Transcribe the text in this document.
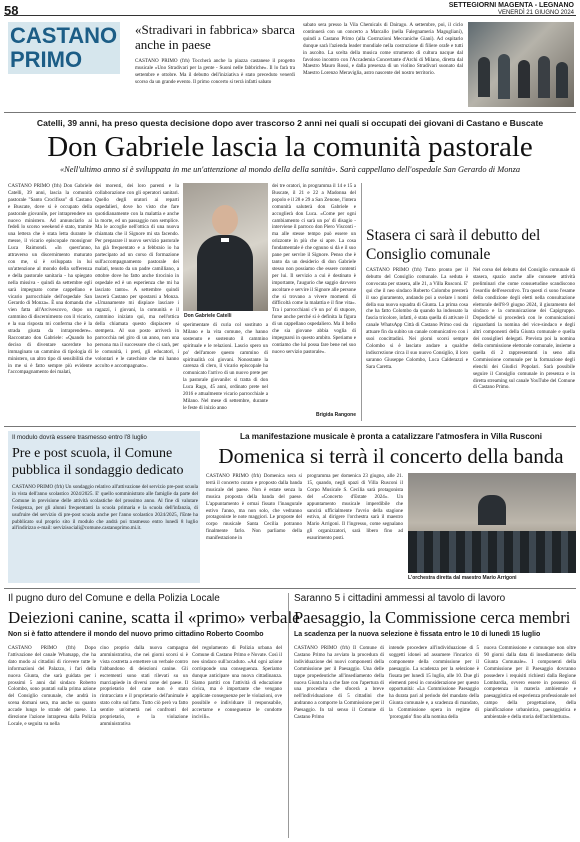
58	SETTEGIORNI MAGENTA - LEGNANO
VENERDÌ 21 GIUGNO 2024
CASTANO PRIMO
«Stradivari in fabbrica» sbarca anche in paese
CASTANO PRIMO (frh) Toccherà anche la piazza castanese il progetto musicale «Uno Stradivari per la gente - Suoni nelle fabbriche». Il lo farà tra settembre e ottobre. Ma il debutto dell'iniziativa è stato preceduto venerdì scorso da un grande evento. Il primo concerto si terrà infatti sabato
sabato sera presso la Vila Chemicals di Dairago. A settembre, poi, il ciclo continuerà con un concerto a Marcallo (nella Falegnameria Magugliani), quindi a Castano Primo (alla Costruzioni Meccaniche Giani). Ad ospitarlo dunque sarà l'azienda leader mondiale nella costruzione di filiere orafe e tutti in ascolto. La scelta della musica come strumento di cultura nacque dal favoloso incontro con l'Accademia Concertante d'Archi di Milano, diretta dal Maestro Mauro Rossi, e dalla presenza di un violino Stradivari suonato dal Maestro Lorenzo Meraviglia, astro nascente del nostro territorio.
Catelli, 39 anni, ha preso questa decisione dopo aver trascorso 2 anni nei quali si occupati dei giovani di Castano e Buscate
Don Gabriele lascia la comunità pastorale
«Nell'ultimo anno si è sviluppata in me un'attenzione al mondo della della sanità». Sarà cappellano dell'ospedale San Gerardo di Monza
CASTANO PRIMO (frh) Don Gabriele Catelli, 39 anni, lascia la comunità pastorale "Santo Crocifisso" di Castano e Buscate, dove si è occupato della pastorale giovanile, per intraprendere un nuovo ministero. Ad annunciarlo ai fedeli lo scorso weekend è stato, tramite una lettera che è stata letta durante le messe, il vicario episcopale monsignor Luca Raimondi. «In quest'anno, attraverso un discernimento maturato con me, si è sviluppata in lui un'attenzione al mondo della sofferenza e della pastorale sanitaria - ha spiegato nella missiva - quindi da settembre egli sarà impegnato come cappellano e vicario parrocchiale dell'ospedale San Gerardo di Monza». È una domanda che vien fatta all'Arcivescovo, dopo un cammino di discernimento con il vicario, e la sua risposta mi conferma che è la strada giusta da intraprendere». Raccontato don Gabriele: «Quando ho deciso di diventare sacerdote ho immaginato un cammino di tipologia di ministero, un altro tipo di sensibilità che in me si è fatto sempre più evidente l'accompagnamento dei malati,
dei morenti, dei loro parenti e la collaborazione con gli operatori sanitari. Quello degli oratori ai reparti ospedalieri, dove ho visto che fare quotidianamente con la malattia e anche la morte, ed un passaggio non semplice. Ma le accoglie nell'ottica di una nuova chiamata che il Signore mi sta facendo. Per preparare il nuovo servizio pastorale ha già frequentato e a febbraio io ha partecipato ad un corso di formazione sull'accompagnamento pastorale dei malati, tenuto da un padre camilliano, a ottobre dove ho fatto anche tirocinio in ospedale ed è un esperienza che mi ha lasciato tanto». A settembre quindi lascerà Castano per spostarsi a Monza. «Umanamente mi dispiace lasciare i ragazzi, i giovani, la comunità e il cammino iniziato qui, ma nell'ottica della chiamata questo dispiacere si stempera. Al suo posto arriverà in parrocchia nel giro di un anno, non una persona ma il successore che ci sarà, per le comunità, i preti, gli educatori, i volontari e le catechiste che mi hanno accolto e accompagnato».
Don Gabriele Catelli
sperimentare di curia col sostituto a Milano e la vita comune, che hanno sostenuto e sostenuto il cammino spirituale e le relazioni. Lascio spero un po' dell'amore questo cammino di spiritualità coi giovani. Nonostante la carenza di clero, il vicario episcopale ha comunicato l'arrivo di un nuovo prete per la pastorale giovanile: si tratta di don Luca Ragu, 45 anni, ordinato prete nel 2016 e attualmente vicario parrocchiale a Milano. Nel mese di settembre, durante le feste di inizio anno
dei tre oratori, in programma il 14 e 15 a Buscate, il 21 e 22 a Madonna del popolo e il 28 e 29 a San Zenone, l'intera comunità saluterà don Gabriele e accoglierà don Luca. «Come per ogni cambiamento ci sarà un po' di disagio - interviene il parroco don Piero Visconti - ma alle stesse tempo può essere un orizzonte in più che si apre. La cosa fondamentale è che ognuno si dà e il suo pane per servire il Signore. Penso che è tanto da un desiderio di don Gabriele stesso non possiamo che essere contenti per lui. Il servizio a cui è destinato è importante, l'augurio che saggio davvero ascoltare e servire il Signore alle persone che si trovano a vivere momenti di difficoltà come la malattia e il fine vita». Tra i parrocchiani c'è un po' di stupore, forse anche perché si è definita la figura di un cappellano ospedaliero. Ma il bello che sia giovane abbia voglia di impegnarsi in questo ambito. Speriamo e contiamo che lui possa fare bene nel suo nuovo servizio pastorale».
Brigida Rangone
Stasera ci sarà il debutto del Consiglio comunale
CASTANO PRIMO (frh) Tutto pronto per il debutto del Consiglio comunale. La seduta è convocata per stasera, alle 21, a Villa Rusconi. E' qui che il neo sindaco Roberto Colombo presterà il suo giuramento, andando poi a svelare i nomi della sua nuova squadra di Giunta. La prima cosa che ha fatto Colombo da quando ha indossato la fascia tricolore, infatti, è stata quella di attivare il canale WhatsApp Città di Castano Primo così da attuare fin da subito un canale comunicativo con i suoi concittadini. Nei giorni scorsi sempre Colombo si è lasciato andare a qualche indiscrezione circa il suo nuovo Consiglio, il loro saranno Giuseppe Colombo, Luca Calderazzi e Sara Caretta.
Nel corso del debutto del Consiglio comunale di stasera, spazio anche alle consuete attività preliminari che come consuetudine scandiscono l'esordio dell'esecutivo. Tra questi ci sono l'esame della condizione degli eletti nella consultazione elettorale dell'8-9 giugno 2024, il giuramento del sindaco e la comunicazione dei Capigruppo. Dopodiché si procederà con le comunicazioni riguardanti la nomina del vice-sindaco e degli altri componenti della Giunta comunale e quella dei consiglieri delegati. Prevista poi la nomina della commissione elettorale comunale, insieme a quella di 2 rappresentanti in seno alla Commissione comunale per la formazione degli elenchi dei Giudici Popolari. Sarà possibile seguire il Consiglio comunale in presenza e in diretta streaming sul canale YouTube del Comune di Castano Primo.
Il modulo dovrà essere trasmesso entro l'8 luglio
Pre e post scuola, il Comune pubblica il sondaggio dedicato
CASTANO PRIMO (frh) Un sondaggio relativo all'attivazione del servizio pre-post scuola in vista dell'anno scolastico 2024/2025. E' quello somministrato alle famiglie da parte del Comune in previsione delle attività scolastiche del prossimo anno. Al fine di valutare l'esigenza, per gli alunni frequentanti la scuola primaria e la scuola dell'infanzia, di usufruire del servizio di pre-post scuola anche per l'anno scolastico 2024/2025, l'Ente ha pubblicato sul proprio sito il modulo che andrà poi trasmesso entro lunedì 8 luglio all'indirizzo e-mail: servizisociali@comune.castanoprimo.mi.it.
La manifestazione musicale è pronta a catalizzare l'atmosfera in Villa Rusconi
Domenica si terrà il concerto della banda
CASTANO PRIMO (frh) Domenica sera si terrà il concerto curato e proposto dalla banda musicale del paese. Non è estate senza la musica proposta della banda del paese. L'appuntamento è ormai fissato l'inaugurale estivo l'anno, ma non solo, che vedranno protagoniste le note maggiori. Le proposte del corpo musicale Santa Cecilia potranno finalmente farlo. Non parliamo della manifestazione in
programma per domenica 23 giugno, alle 21. 15, quando, negli spazi di Villa Rusconi il Corpo Musicale S. Cecilia sarà protagonista del «Concerto d'Estate 2024». Un appuntamento musicale imperdibile che sancirà ufficialmente l'avvio della stagione estiva, al dirigere l'orchestra sarà il maestro Mario Arrigoni. Il l'ingresso, come segnalano gli organizzatori, sarà libero fino ad esaurimento posti.
L'orchestra diretta dal maestro Mario Arrigoni
Il pugno duro del Comune e della Polizia Locale
Deiezioni canine, scatta il «primo» verbale
Non si è fatto attendere il mondo del nuovo primo cittadino Roberto Coombo
CASTANO PRIMO (frh) Dopo l'attivazione del canale Whatsapp, che ha dato modo ai cittadini di ricevere tutte le informazioni del Palazzo, i fari della nuova Giunta, che sarà guidata per i prossimi 5 anni dal sindaco Roberto Colombo, sono puntati sulla prima azione del Consiglio comunale, che andrà in scena domani sera, ma anche su quanto accade lungo le strade del paese. La direzione l'azione intrapresa dalla Polizia Locale, e seguita va nella
cino proprio dalla nuova campagna amministrativa, che nei giorni scorsi si è vista costretta a emettere un verbale contro l'abbandono di deiezioni canine. Gli escrementi sono stati rilevati su un marciapiede in diversi zone del paese. Il proprietario del cane non è stato rintracciato e il proprietario dell'animale è stato colto sul fatto. Tutto ciò però va fatto sentire un'omertà nei confronti del proprietario, e la violazione amministrativa
del regolamento di Polizia urbana del Comune di Castano Primo e Novate. Così il neo sindaco sull'accaduto. «Ad ogni azione corrisponde una conseguenza. Speriamo dunque anticipare una nuova cittadinanza. Siamo partiti con l'attività di educazione civica, ma è importante che vengano applicate conseguenze per le violazioni, ove possibile e individuare il responsabile, accertarne e conseguenze le condotte incivili».
Saranno 5 i cittadini ammessi al tavolo di lavoro
Paesaggio, la Commissione cerca membri
La scadenza per la nuova selezione è fissata entro le 10 di lunedì 15 luglio
CASTANO PRIMO (frh) Il Comune di Castano Primo ha avviato la procedura di individuazione dei nuovi componenti della Commissione per il Paesaggio. Una delle tappe propedeutiche all'insediamento della nuova Giunta ha a che fare con l'apertura di una procedura che sfocerà a breve nell'individuazione di 5 cittadini che andranno a comporre la Commissione per il Paesaggio. In tal senso il Comune di Castano Primo
intende procedere all'individuazione di 5 soggetti idonei ad assumere l'incarico di componente della commissione per il paesaggio. La scadenza per la selezione è fissata per lunedì 15 luglio, alle 10. Due gli elementi presi in considerazione per questo opportunità: «La Commissione Paesaggio ha durata pari al periodo del mandato della Giunta comunale e, a scadenza di mandato, la Commissione opera in regime di 'prorogatio' fino alla nomina della
nuova Commissione e comunque non oltre 90 giorni dalla data di insediamento della Giunta Comunale». I componenti della Commissione per il Paesaggio dovranno possedere i requisiti richiesti dalla Regione Lombardia, ovvero essere in possesso di competenza in materia ambientale e paesaggistica ed esperienza professionale nel campo della progettazione, della pianificazione urbanistica, paesaggistica e ambientale e della storia dell'architettura».
